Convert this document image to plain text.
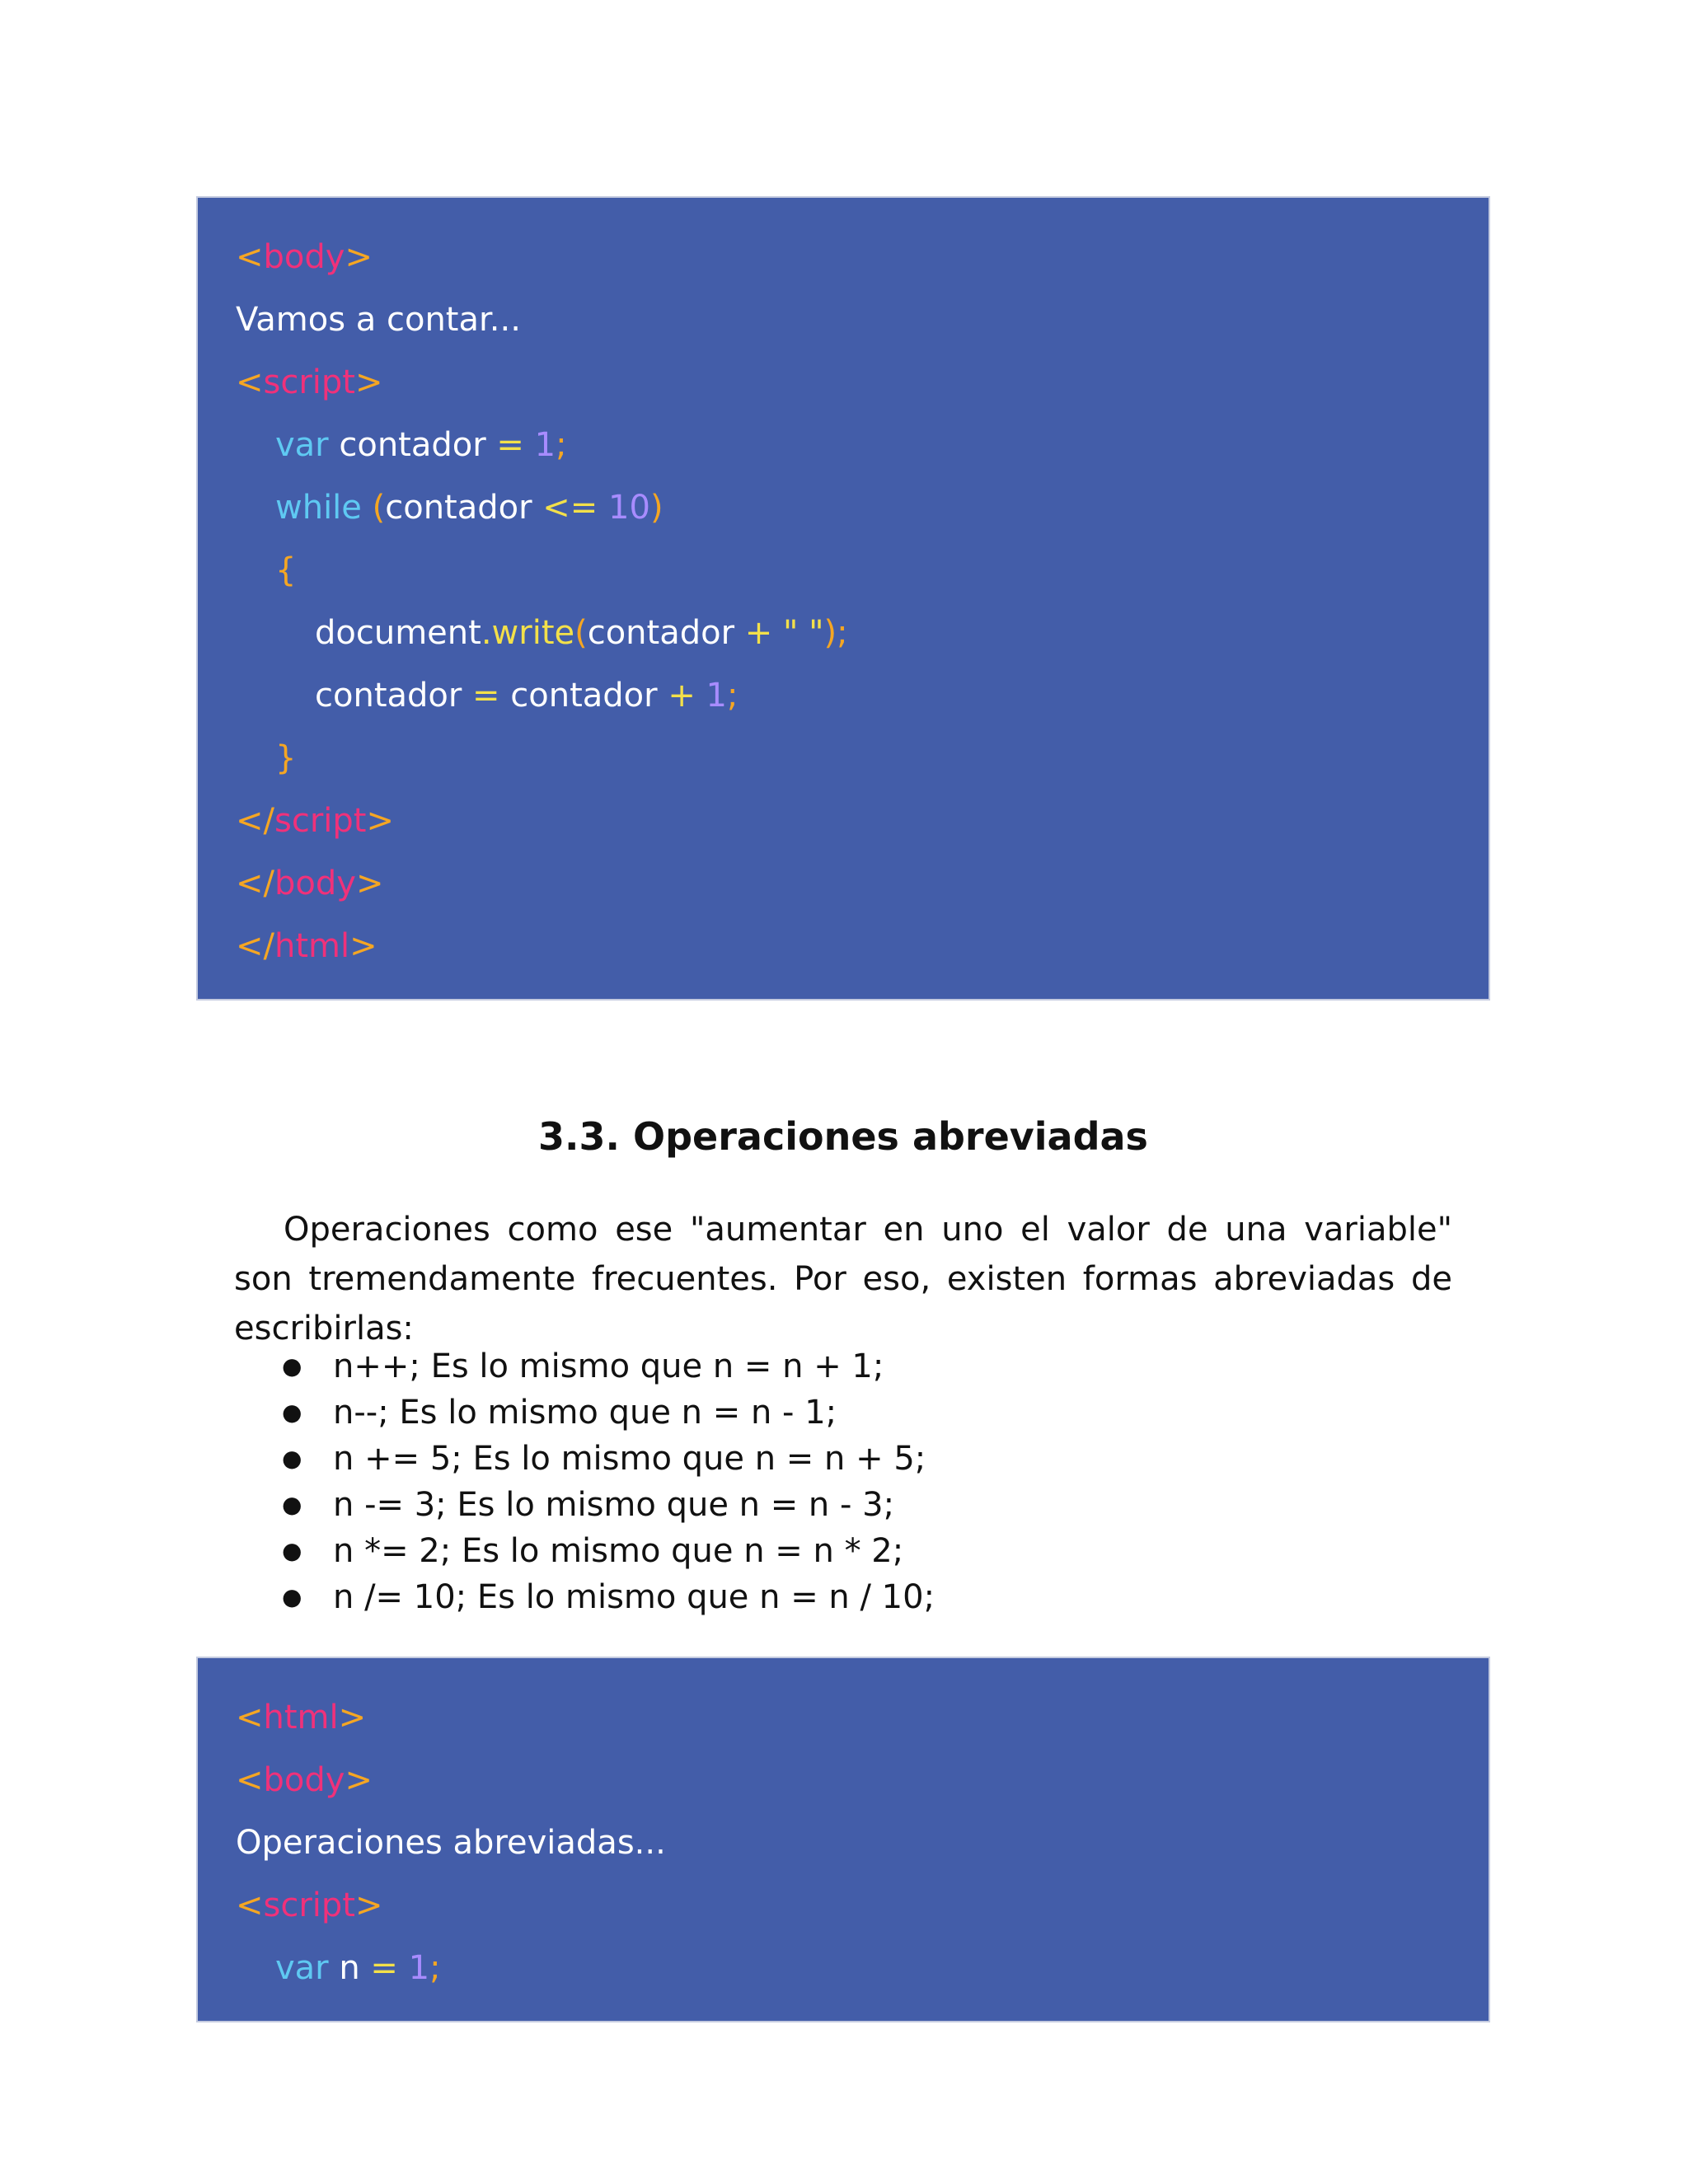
<body>
Vamos a contar...
<script>
var contador = 1;
while (contador <= 10)
{
document.write(contador + " ");
contador = contador + 1;
}
</script>
</body>
</html>
3.3. Operaciones abreviadas
Operaciones como ese "aumentar en uno el valor de una variable" son tremendamente frecuentes. Por eso, existen formas abreviadas de escribirlas:
● n++; Es lo mismo que n = n + 1;
● n--; Es lo mismo que n = n - 1;
● n += 5; Es lo mismo que n = n + 5;
● n -= 3; Es lo mismo que n = n - 3;
● n *= 2; Es lo mismo que n = n * 2;
● n /= 10; Es lo mismo que n = n / 10;
<html>
<body>
Operaciones abreviadas...
<script>
var n = 1;
